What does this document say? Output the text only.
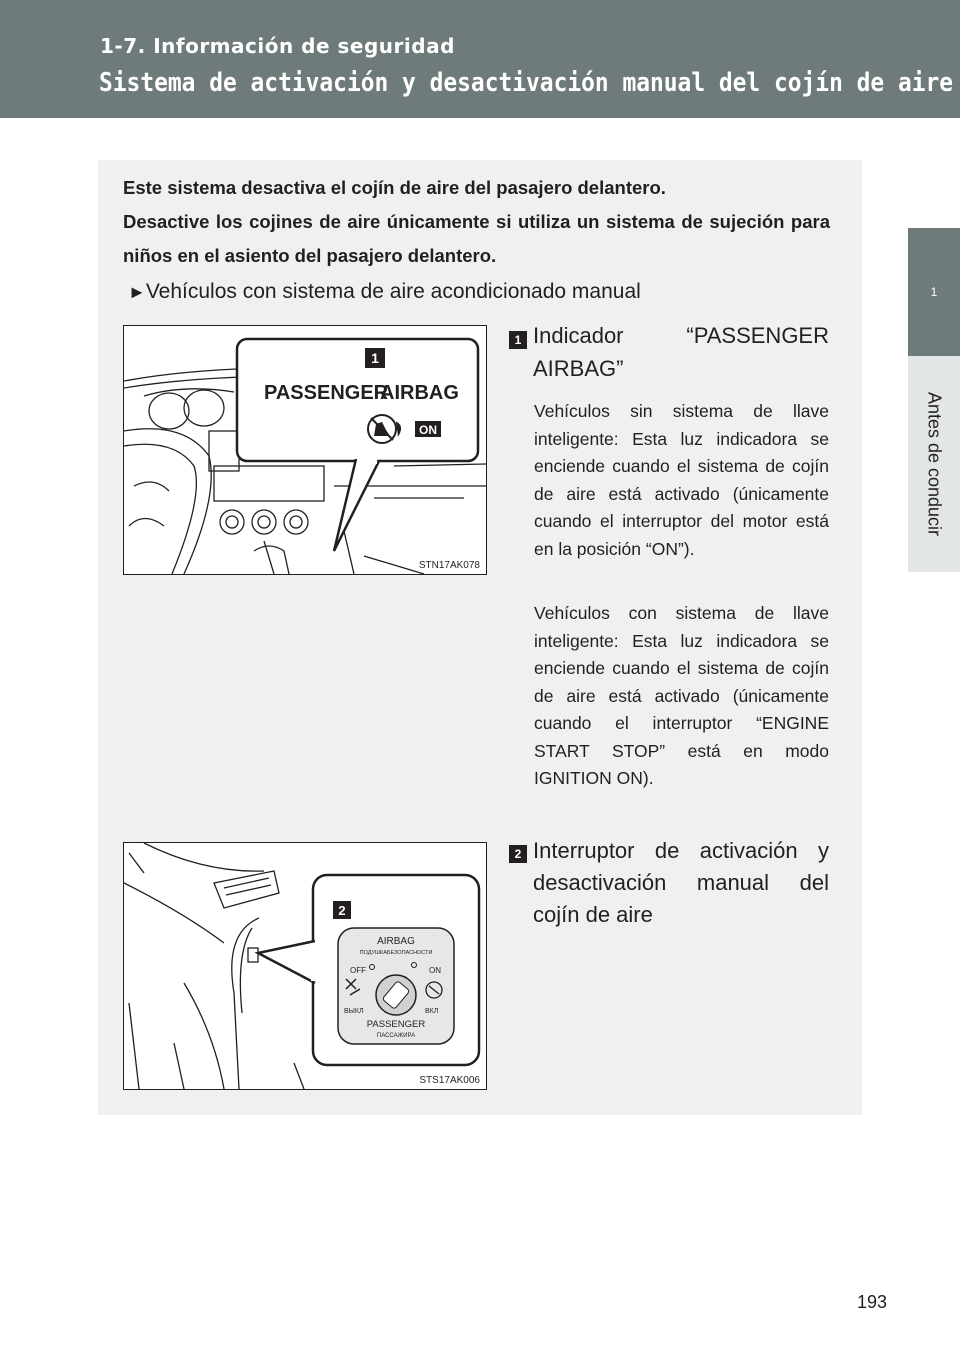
1-7. Información de seguridad
Sistema de activación y desactivación manual del cojín de aire
1
Antes de conducir

Este sistema desactiva el cojín de aire del pasajero delantero.

Desactive los cojines de aire únicamente si utiliza un sistema de sujeción para niños en el asiento del pasajero delantero.

►Vehículos con sistema de aire acondicionado manual
1
PASSENGER
AIRBAG
ON
STN17AK078
1 Indicador “PASSENGER
AIRBAG”

Vehículos sin sistema de llave inteligente: Esta luz indicadora se enciende cuando el sistema de cojín de aire está activado (únicamente cuando el interruptor del motor está en la posición “ON”).

Vehículos con sistema de llave inteligente: Esta luz indicadora se enciende cuando el sistema de cojín de aire está activado (únicamente cuando el interruptor “ENGINE START STOP” está en modo IGNITION ON).

2
AIRBAG
ПОДУШКАБЕЗОПАСНОСТИ
OFF	ON
ВЫКЛ	ВКЛ
PASSENGER
ПАССАЖИРА
STS17AK006
2 Interruptor de activación y
desactivación manual del
cojín de aire
193
